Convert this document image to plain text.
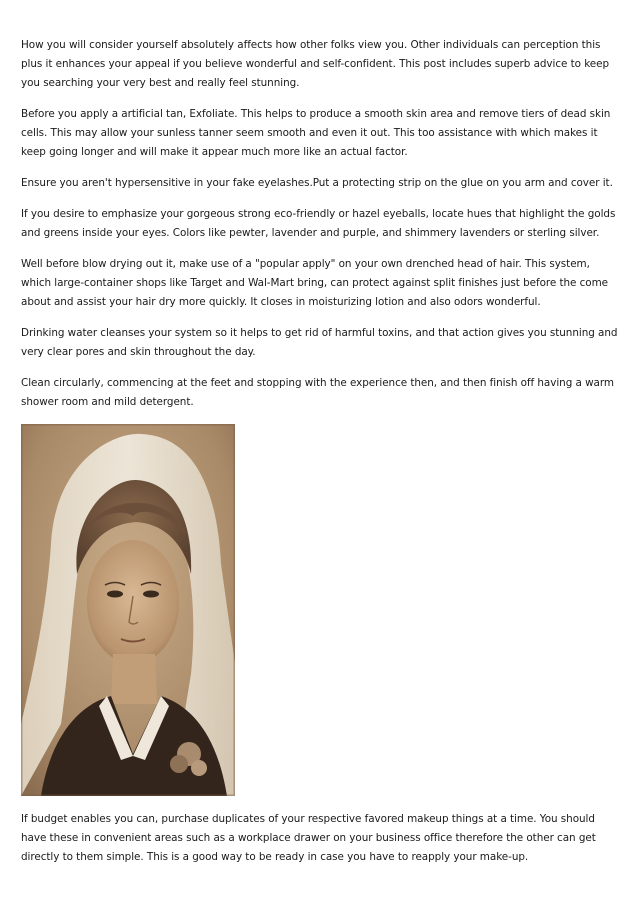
How you will consider yourself absolutely affects how other folks view you. Other individuals can perception this plus it enhances your appeal if you believe wonderful and self-confident. This post includes superb advice to keep you searching your very best and really feel stunning.

Before you apply a artificial tan, Exfoliate. This helps to produce a smooth skin area and remove tiers of dead skin cells. This may allow your sunless tanner seem smooth and even it out. This too assistance with which makes it keep going longer and will make it appear much more like an actual factor.

Ensure you aren't hypersensitive in your fake eyelashes.Put a protecting strip on the glue on you arm and cover it.

If you desire to emphasize your gorgeous strong eco-friendly or hazel eyeballs, locate hues that highlight the golds and greens inside your eyes. Colors like pewter, lavender and purple, and shimmery lavenders or sterling silver.

Well before blow drying out it, make use of a "popular apply" on your own drenched head of hair. This system, which large-container shops like Target and Wal-Mart bring, can protect against split finishes just before the come about and assist your hair dry more quickly. It closes in moisturizing lotion and also odors wonderful.

Drinking water cleanses your system so it helps to get rid of harmful toxins, and that action gives you stunning and very clear pores and skin throughout the day.

Clean circularly, commencing at the feet and stopping with the experience then, and then finish off having a warm shower room and mild detergent.

If budget enables you can, purchase duplicates of your respective favored makeup things at a time. You should have these in convenient areas such as a workplace drawer on your business office therefore the other can get directly to them simple. This is a good way to be ready in case you have to reapply your make-up.
